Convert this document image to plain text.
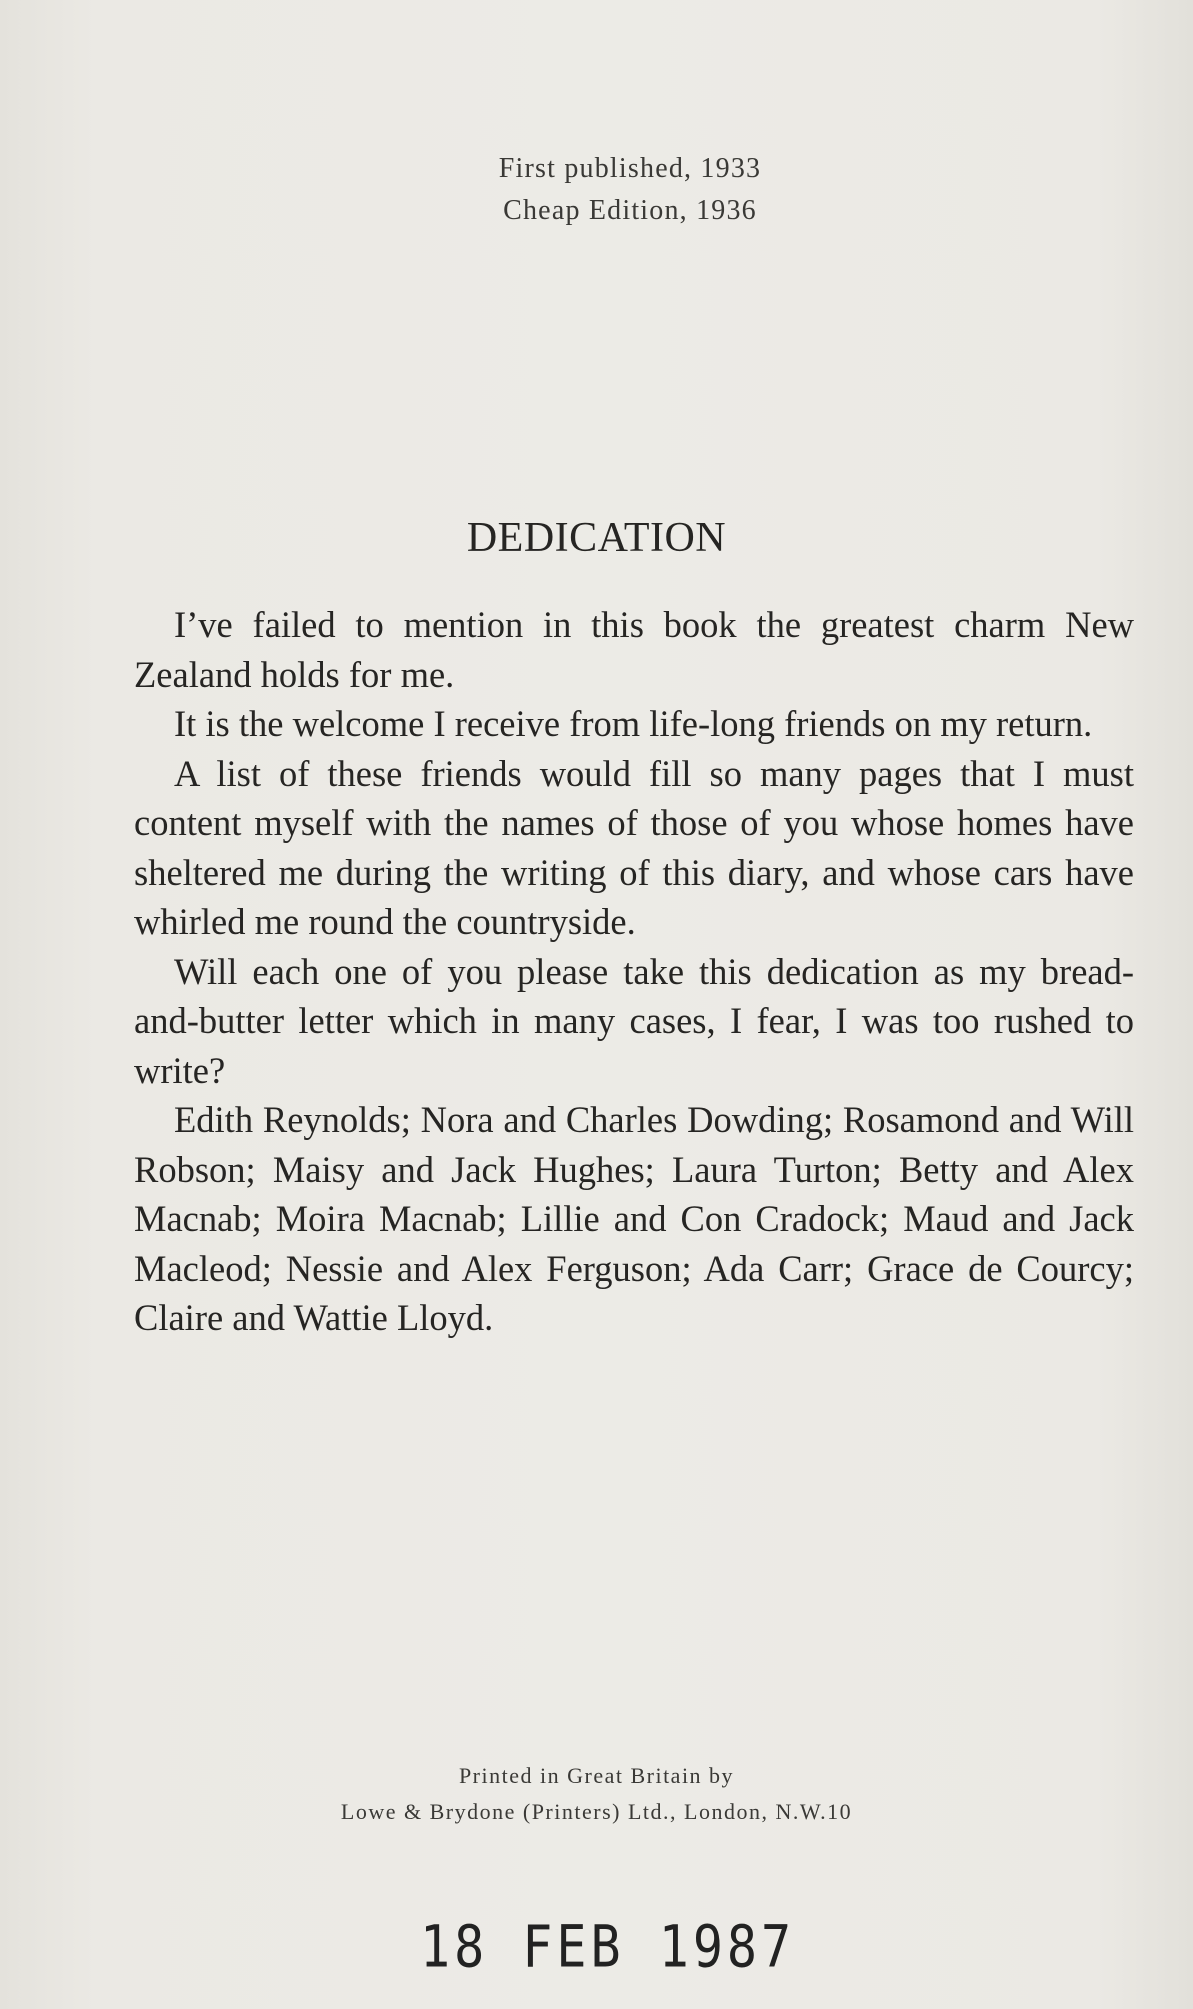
First published, 1933
Cheap Edition, 1936
DEDICATION

I’ve failed to mention in this book the greatest charm New Zealand holds for me.

It is the welcome I receive from life-long friends on my return.

A list of these friends would fill so many pages that I must content myself with the names of those of you whose homes have sheltered me during the writing of this diary, and whose cars have whirled me round the countryside.

Will each one of you please take this dedication as my bread-and-butter letter which in many cases, I fear, I was too rushed to write?

Edith Reynolds; Nora and Charles Dowding; Rosamond and Will Robson; Maisy and Jack Hughes; Laura Turton; Betty and Alex Macnab; Moira Macnab; Lillie and Con Cradock; Maud and Jack Macleod; Nessie and Alex Ferguson; Ada Carr; Grace de Courcy; Claire and Wattie Lloyd.

Printed in Great Britain by
Lowe & Brydone (Printers) Ltd., London, N.W.10
18 FEB 1987
